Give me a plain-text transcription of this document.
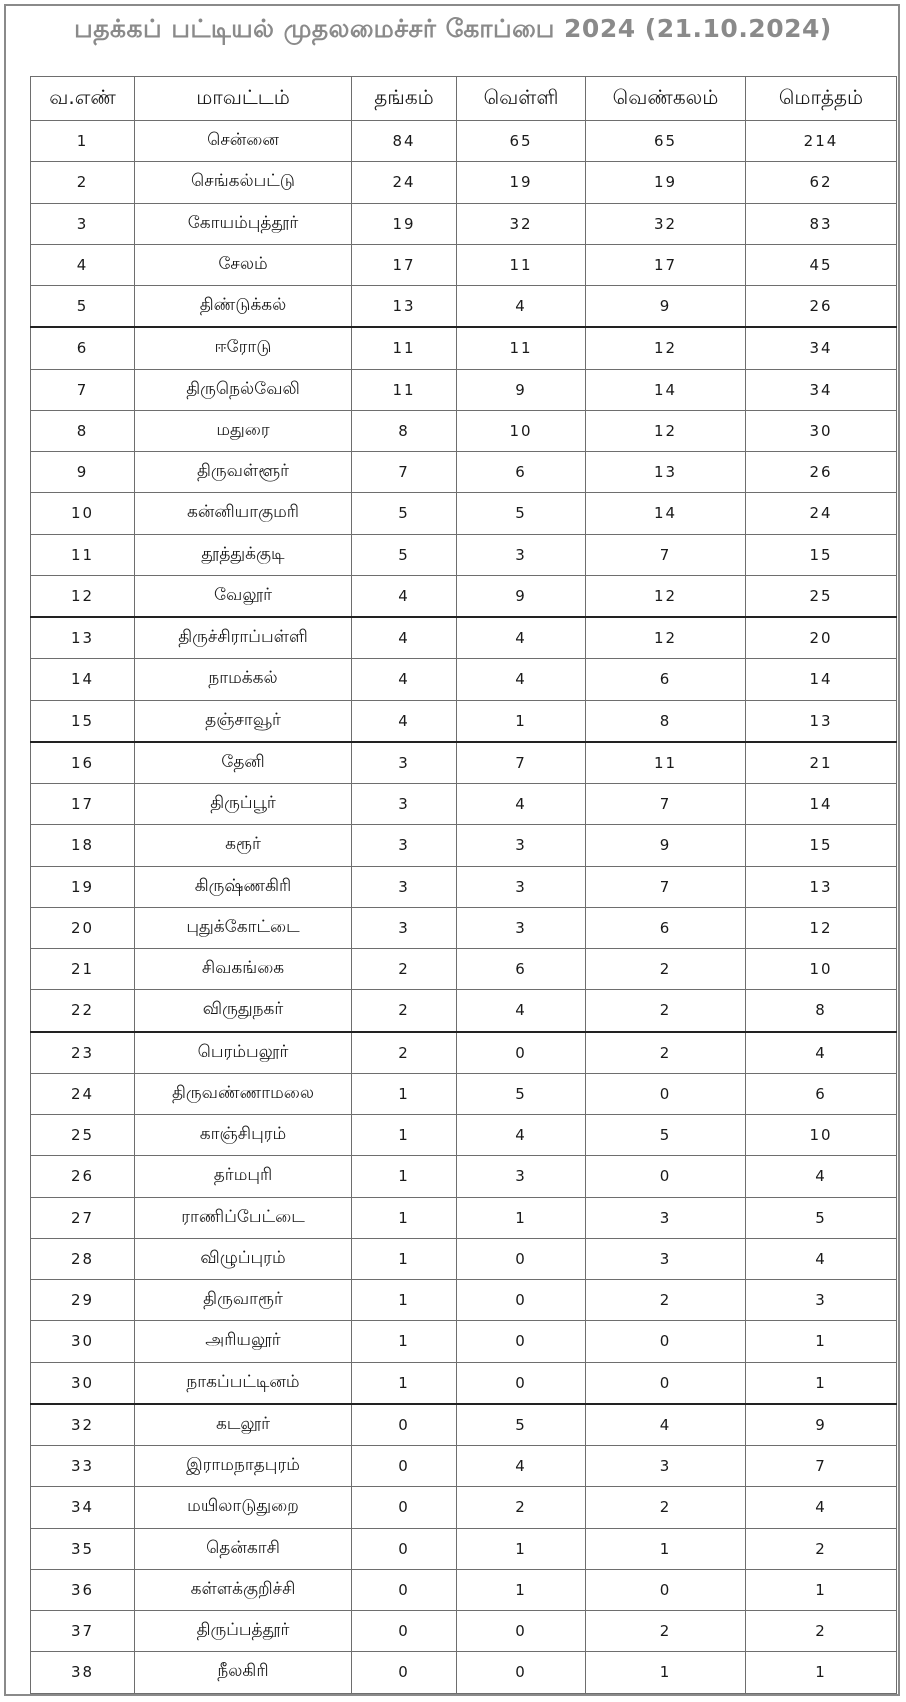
பதக்கப் பட்டியல் முதலமைச்சர் கோப்பை 2024 (21.10.2024)
வ.எண்	மாவட்டம்	தங்கம்	வெள்ளி	வெண்கலம்	மொத்தம்
1	சென்னை	84	65	65	214
2	செங்கல்பட்டு	24	19	19	62
3	கோயம்புத்தூர்	19	32	32	83
4	சேலம்	17	11	17	45
5	திண்டுக்கல்	13	4	9	26
6	ஈரோடு	11	11	12	34
7	திருநெல்வேலி	11	9	14	34
8	மதுரை	8	10	12	30
9	திருவள்ளூர்	7	6	13	26
10	கன்னியாகுமரி	5	5	14	24
11	தூத்துக்குடி	5	3	7	15
12	வேலூர்	4	9	12	25
13	திருச்சிராப்பள்ளி	4	4	12	20
14	நாமக்கல்	4	4	6	14
15	தஞ்சாவூர்	4	1	8	13
16	தேனி	3	7	11	21
17	திருப்பூர்	3	4	7	14
18	கரூர்	3	3	9	15
19	கிருஷ்ணகிரி	3	3	7	13
20	புதுக்கோட்டை	3	3	6	12
21	சிவகங்கை	2	6	2	10
22	விருதுநகர்	2	4	2	8
23	பெரம்பலூர்	2	0	2	4
24	திருவண்ணாமலை	1	5	0	6
25	காஞ்சிபுரம்	1	4	5	10
26	தர்மபுரி	1	3	0	4
27	ராணிப்பேட்டை	1	1	3	5
28	விழுப்புரம்	1	0	3	4
29	திருவாரூர்	1	0	2	3
30	அரியலூர்	1	0	0	1
30	நாகப்பட்டினம்	1	0	0	1
32	கடலூர்	0	5	4	9
33	இராமநாதபுரம்	0	4	3	7
34	மயிலாடுதுறை	0	2	2	4
35	தென்காசி	0	1	1	2
36	கள்ளக்குறிச்சி	0	1	0	1
37	திருப்பத்தூர்	0	0	2	2
38	நீலகிரி	0	0	1	1
